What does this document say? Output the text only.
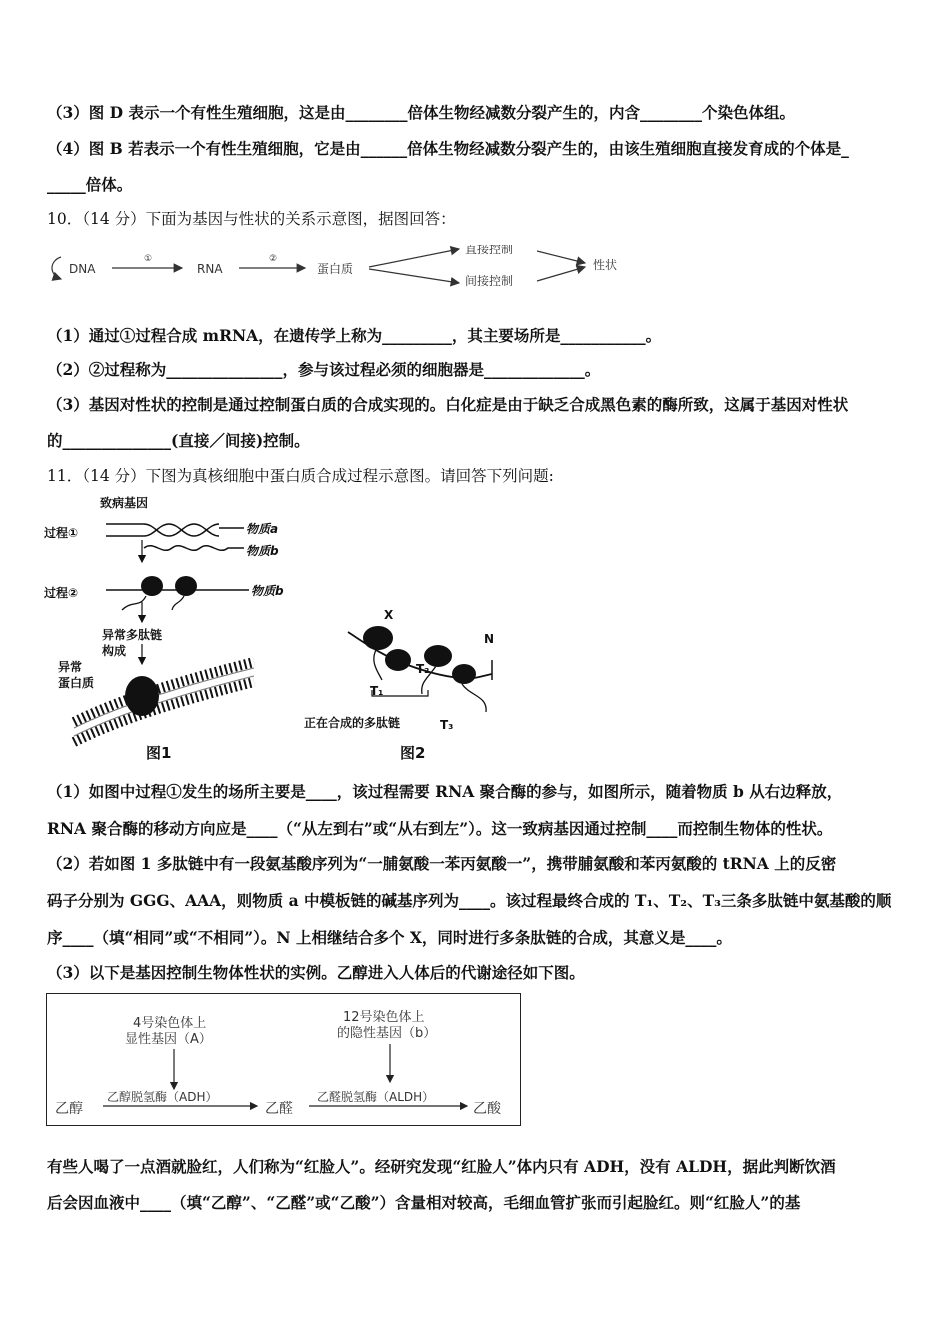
（3）图 D 表示一个有性生殖细胞，这是由________倍体生物经减数分裂产生的，内含________个染色体组。
（4）图 B 若表示一个有性生殖细胞，它是由______倍体生物经减数分裂产生的，由该生殖细胞直接发育成的个体是_
_____倍体。
10．（14 分）下面为基因与性状的关系示意图，据图回答：
DNA
①
RNA
②
蛋白质
直接控制
间接控制
性状
（1）通过①过程合成 mRNA，在遗传学上称为_________，其主要场所是___________。
（2）②过程称为_______________，参与该过程必须的细胞器是_____________。
（3）基因对性状的控制是通过控制蛋白质的合成实现的。白化症是由于缺乏合成黑色素的酶所致，这属于基因对性状
的______________(直接／间接)控制。
11．（14 分）下图为真核细胞中蛋白质合成过程示意图。请回答下列问题:
致病基因
过程①
过程②
物质a
物质b
物质b
异常多肽链
构成
异常
蛋白质
图1
X
N
T₁
T₂
T₃
正在合成的多肽链
图2
（1）如图中过程①发生的场所主要是____，该过程需要 RNA 聚合酶的参与，如图所示，随着物质 b 从右边释放，
RNA 聚合酶的移动方向应是____（“从左到右”或“从右到左”）。这一致病基因通过控制____而控制生物体的性状。
（2）若如图 1 多肽链中有一段氨基酸序列为“一脯氨酸一苯丙氨酸一”，携带脯氨酸和苯丙氨酸的 tRNA 上的反密
码子分别为 GGG、AAA，则物质 a 中模板链的碱基序列为____。该过程最终合成的 T₁、T₂、T₃三条多肽链中氨基酸的顺
序____（填“相同”或“不相同”）。N 上相继结合多个 X，同时进行多条肽链的合成，其意义是____。
（3）以下是基因控制生物体性状的实例。乙醇进入人体后的代谢途径如下图。
4号染色体上
显性基因（A）
12号染色体上
的隐性基因（b）
乙醇
乙醇脱氢酶（ADH）
乙醛
乙醛脱氢酶（ALDH）
乙酸
有些人喝了一点酒就脸红，人们称为“红脸人”。经研究发现“红脸人”体内只有 ADH，没有 ALDH，据此判断饮酒
后会因血液中____（填“乙醇”、“乙醛”或“乙酸”）含量相对较高，毛细血管扩张而引起脸红。则“红脸人”的基
